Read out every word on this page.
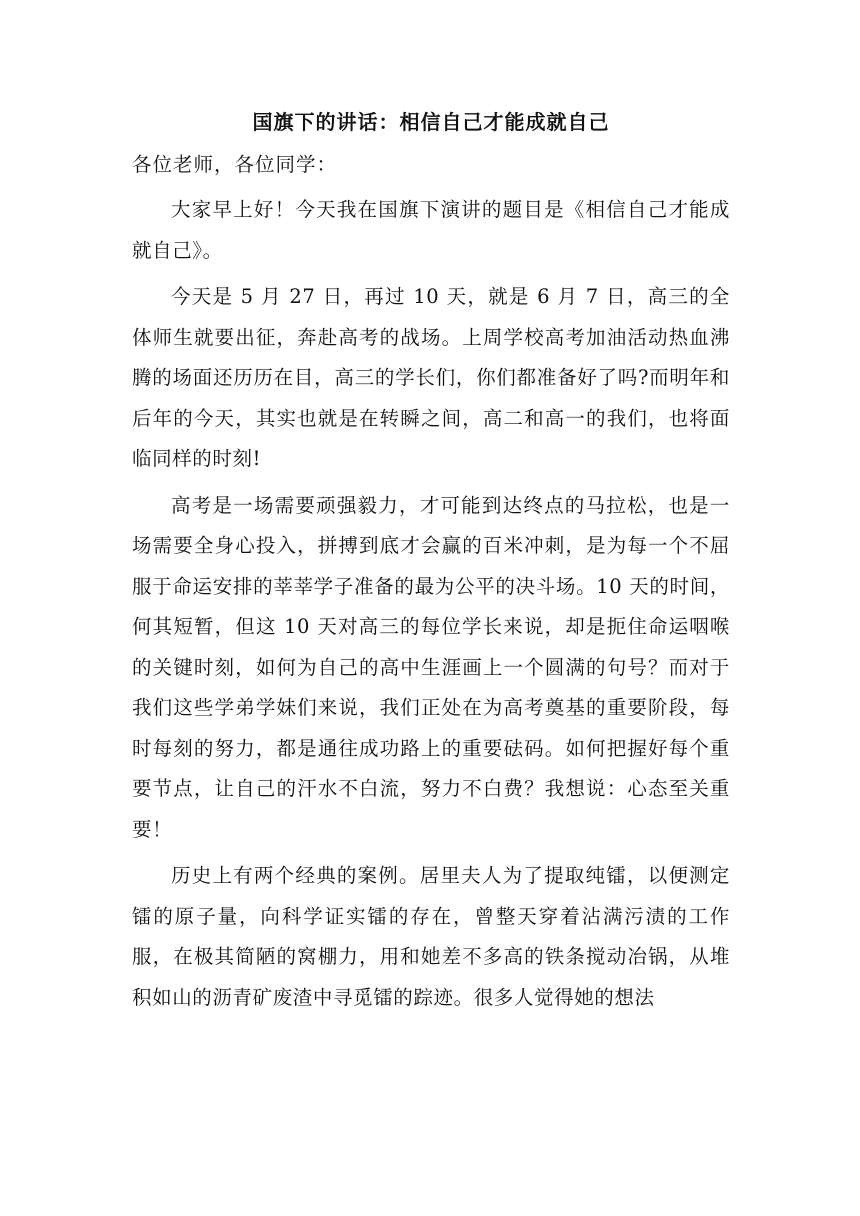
国旗下的讲话：相信自己才能成就自己

各位老师，各位同学：

大家早上好！今天我在国旗下演讲的题目是《相信自己才能成就自己》。

今天是 5 月 27 日，再过 10 天，就是 6 月 7 日，高三的全体师生就要出征，奔赴高考的战场。上周学校高考加油活动热血沸腾的场面还历历在目，高三的学长们，你们都准备好了吗?而明年和后年的今天，其实也就是在转瞬之间，高二和高一的我们，也将面临同样的时刻!

高考是一场需要顽强毅力，才可能到达终点的马拉松，也是一场需要全身心投入，拼搏到底才会赢的百米冲刺，是为每一个不屈服于命运安排的莘莘学子准备的最为公平的决斗场。10 天的时间，何其短暂，但这 10 天对高三的每位学长来说，却是扼住命运咽喉的关键时刻，如何为自己的高中生涯画上一个圆满的句号？而对于我们这些学弟学妹们来说，我们正处在为高考奠基的重要阶段，每时每刻的努力，都是通往成功路上的重要砝码。如何把握好每个重要节点，让自己的汗水不白流，努力不白费？我想说：心态至关重要！

历史上有两个经典的案例。居里夫人为了提取纯镭，以便测定镭的原子量，向科学证实镭的存在，曾整天穿着沾满污渍的工作服，在极其简陋的窝棚力，用和她差不多高的铁条搅动冶锅，从堆积如山的沥青矿废渣中寻觅镭的踪迹。很多人觉得她的想法
